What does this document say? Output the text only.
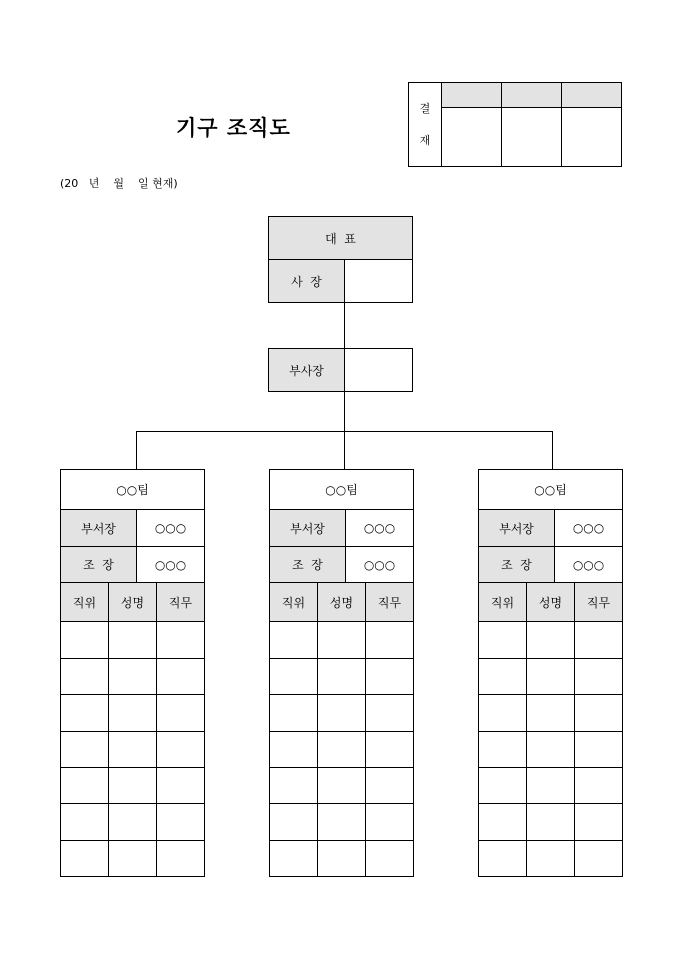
기구 조직도
(20   년    월    일 현재)
결
재			

대  표
사  장
부사장
○○팀			
부서장		○○○	
조  장		○○○	
직위	성명		직무

○○팀			
부서장		○○○	
조  장		○○○	
직위	성명		직무

○○팀			
부서장		○○○	
조  장		○○○	
직위	성명		직무
